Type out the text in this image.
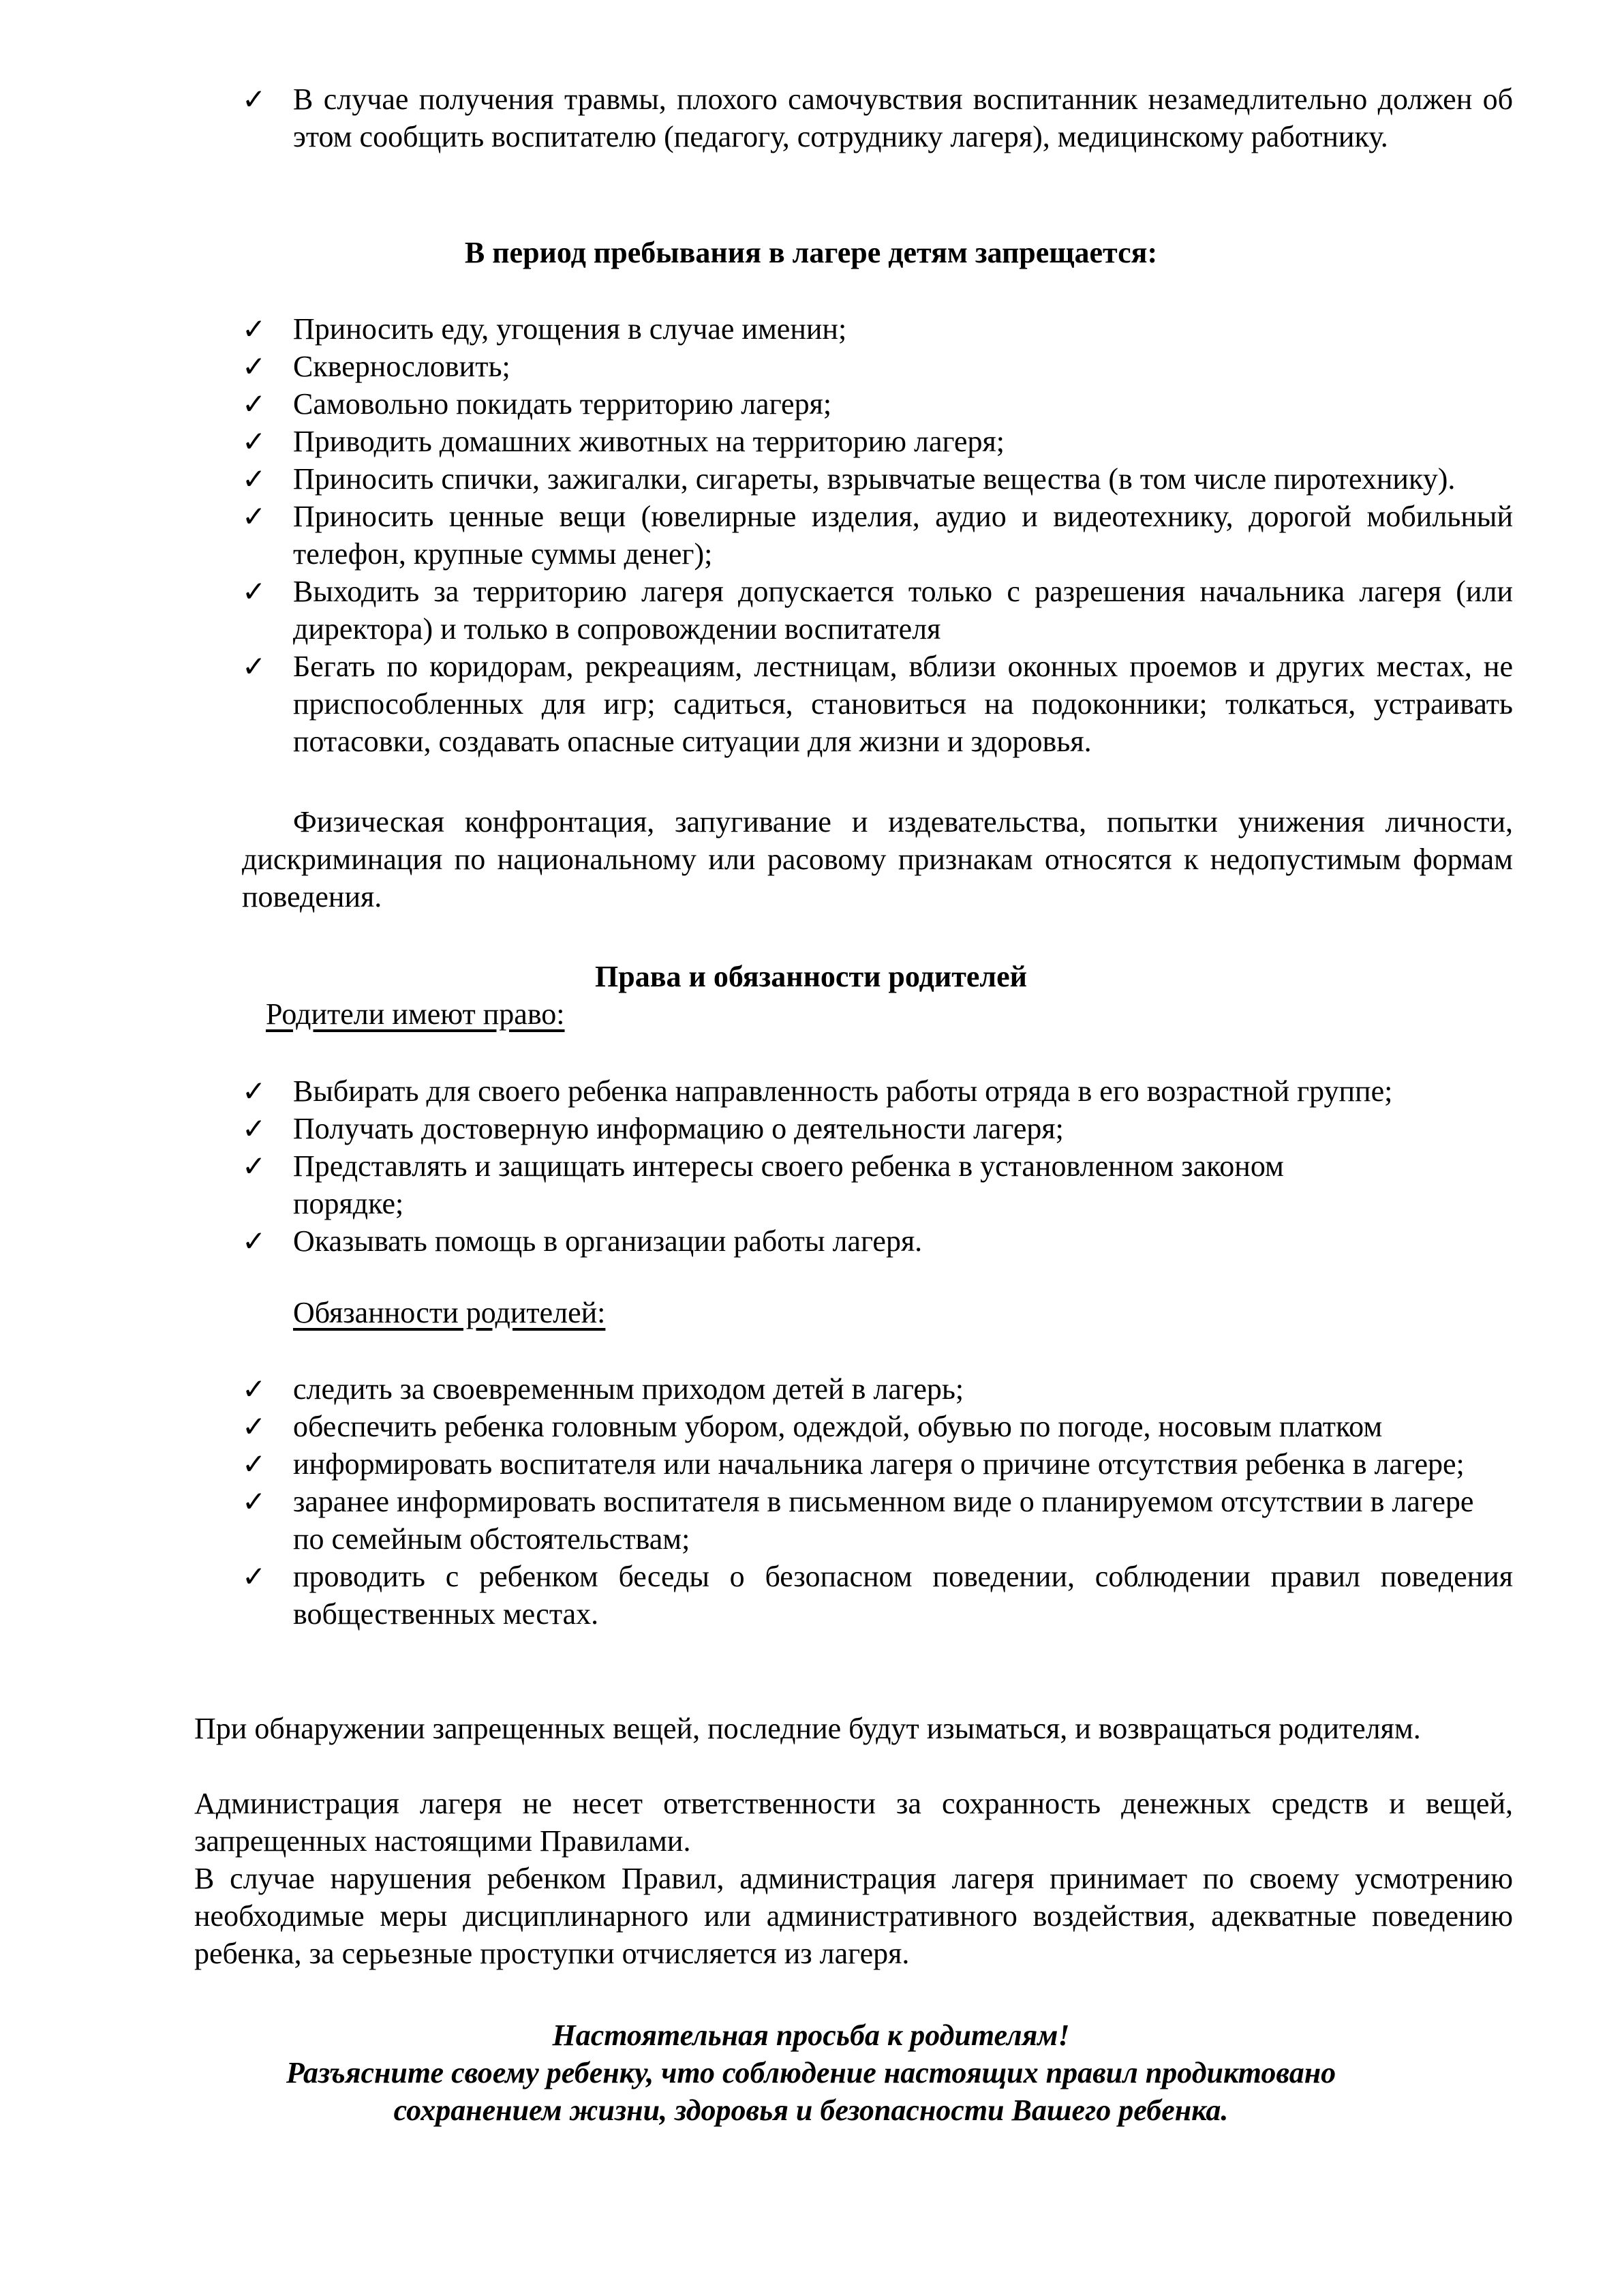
✓ В случае получения травмы, плохого самочувствия воспитанник незамедлительно должен об этом сообщить воспитателю (педагогу, сотруднику лагеря), медицинскому работнику.
В период пребывания в лагере детям запрещается:
✓ Приносить еду, угощения в случае именин;
✓ Сквернословить;
✓ Самовольно покидать территорию лагеря;
✓ Приводить домашних животных на территорию лагеря;
✓ Приносить спички, зажигалки, сигареты, взрывчатые вещества (в том числе пиротехнику).
✓ Приносить ценные вещи (ювелирные изделия, аудио и видеотехнику, дорогой мобильный телефон, крупные суммы денег);
✓ Выходить за территорию лагеря допускается только с разрешения начальника лагеря (или директора) и только в сопровождении воспитателя
✓ Бегать по коридорам, рекреациям, лестницам, вблизи оконных проемов и других местах, не приспособленных для игр; садиться, становиться на подоконники; толкаться, устраивать потасовки, создавать опасные ситуации для жизни и здоровья.
Физическая конфронтация, запугивание и издевательства, попытки унижения личности, дискриминация по национальному или расовому признакам относятся к недопустимым формам поведения.
Права и обязанности родителей
Родители имеют право:
✓ Выбирать для своего ребенка направленность работы отряда в его возрастной группе;
✓ Получать достоверную информацию о деятельности лагеря;
✓ Представлять и защищать интересы своего ребенка в установленном законом порядке;
✓ Оказывать помощь в организации работы лагеря.
Обязанности родителей:
✓ следить за своевременным приходом детей в лагерь;
✓ обеспечить ребенка головным убором, одеждой, обувью по погоде, носовым платком
✓ информировать воспитателя или начальника лагеря о причине отсутствия ребенка в лагере;
✓ заранее информировать воспитателя в письменном виде о планируемом отсутствии в лагере по семейным обстоятельствам;
✓ проводить с ребенком беседы о безопасном поведении, соблюдении правил поведения вобщественных местах.
При обнаружении запрещенных вещей, последние будут изыматься, и возвращаться родителям.
Администрация лагеря не несет ответственности за сохранность денежных средств и вещей, запрещенных настоящими Правилами.
В случае нарушения ребенком Правил, администрация лагеря принимает по своему усмотрению необходимые меры дисциплинарного или административного воздействия, адекватные поведению ребенка, за серьезные проступки отчисляется из лагеря.
Настоятельная просьба к родителям!
Разъясните своему ребенку, что соблюдение настоящих правил продиктовано
сохранением жизни, здоровья и безопасности Вашего ребенка.
